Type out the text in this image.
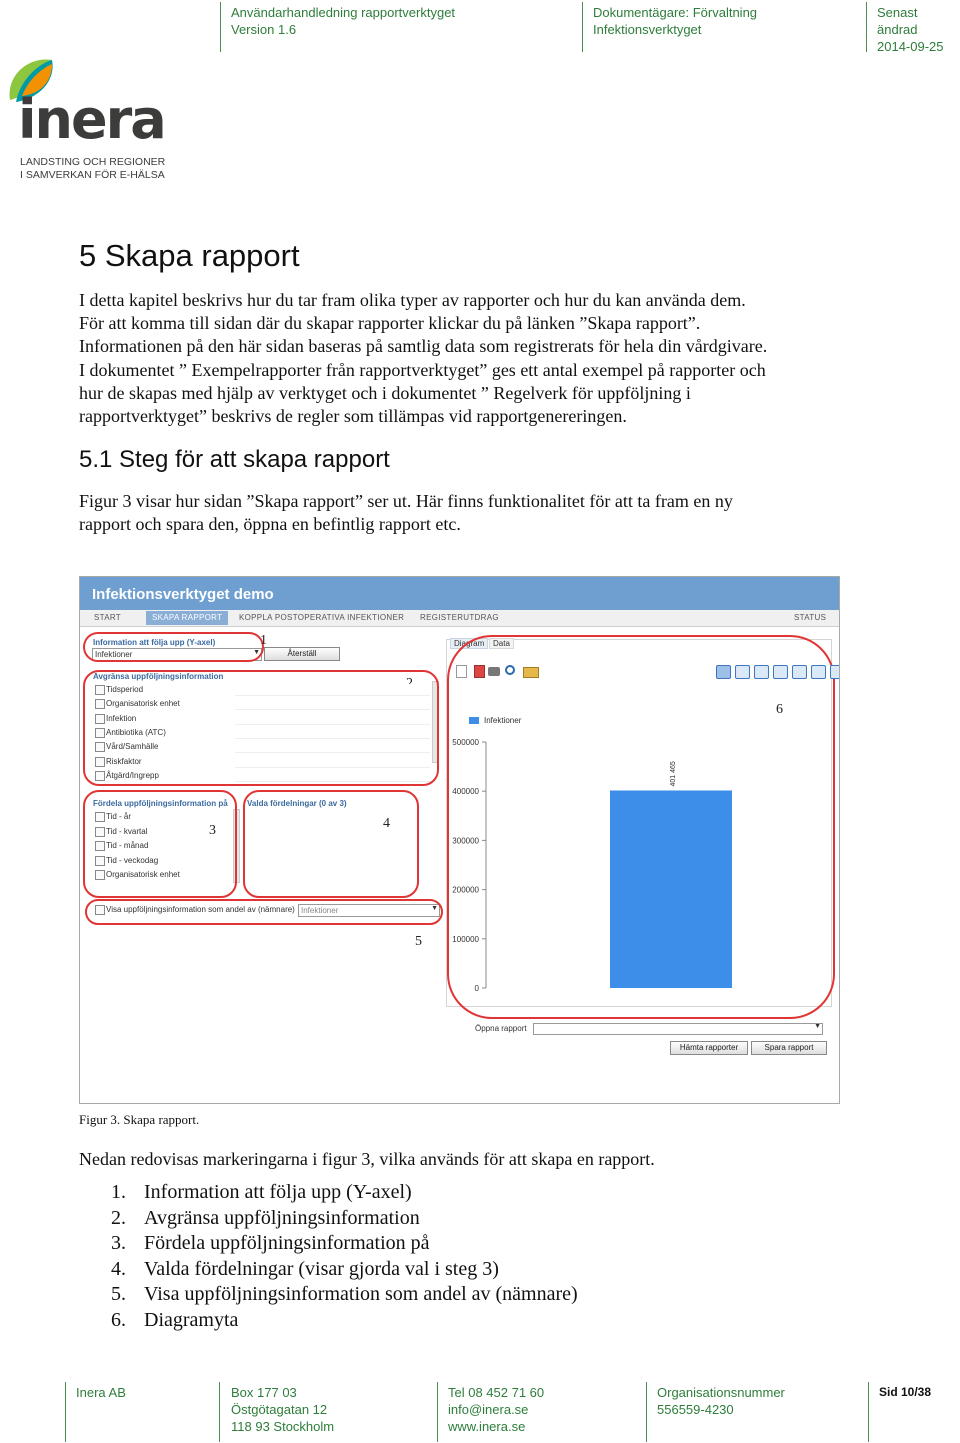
Användarhandledning rapportverktyget
Version 1.6
Dokumentägare: Förvaltning
Infektionsverktyget
Senast ändrad
2014-09-25
inera
LANDSTING OCH REGIONER
I SAMVERKAN FÖR E-HÄLSA
5 Skapa rapport
I detta kapitel beskrivs hur du tar fram olika typer av rapporter och hur du kan använda dem.
För att komma till sidan där du skapar rapporter klickar du på länken ”Skapa rapport”.
Informationen på den här sidan baseras på samtlig data som registrerats för hela din vårdgivare.
I dokumentet ” Exempelrapporter från rapportverktyget” ges ett antal exempel på rapporter och
hur de skapas med hjälp av verktyget och i dokumentet ” Regelverk för uppföljning i
rapportverktyget” beskrivs de regler som tillämpas vid rapportgenereringen.
5.1 Steg för att skapa rapport
Figur 3 visar hur sidan ”Skapa rapport” ser ut. Här finns funktionalitet för att ta fram en ny
rapport och spara den, öppna en befintlig rapport etc.
Infektionsverktyget demo
START	SKAPA RAPPORT	KOPPLA POSTOPERATIVA INFEKTIONER REGISTERUTDRAG	STATUS
Information att följa upp (Y-axel)
Infektioner	▼	Återställ
Avgränsa uppföljningsinformation
Fördela uppföljningsinformation på Valda fördelningar (0 av 3)
Visa uppföljningsinformation som andel av (nämnare) Infektioner	▼
Diagram	Data
500000
400000
300000
200000
100000
0
401 465
Öppna rapport	▼
Hämta rapporter	Spara rapport
1
3	4
5
6
Tidsperiod
Organisatorisk enhet
Infektion
Antibiotika (ATC)
Vård/Samhälle
Riskfaktor
Åtgärd/Ingrepp
Tid - år
Tid - kvartal
Tid - månad
Tid - veckodag
Organisatorisk enhet
Infektioner
Figur 3. Skapa rapport.
Nedan redovisas markeringarna i figur 3, vilka används för att skapa en rapport.
1. Information att följa upp (Y-axel)
2. Avgränsa uppföljningsinformation
3. Fördela uppföljningsinformation på
4. Valda fördelningar (visar gjorda val i steg 3)
5. Visa uppföljningsinformation som andel av (nämnare)
6. Diagramyta
Inera AB	Box 177 03
Östgötagatan 12
118 93 Stockholm
Tel 08 452 71 60
info@inera.se
www.inera.se
Organisationsnummer
556559-4230
Sid 10/38
